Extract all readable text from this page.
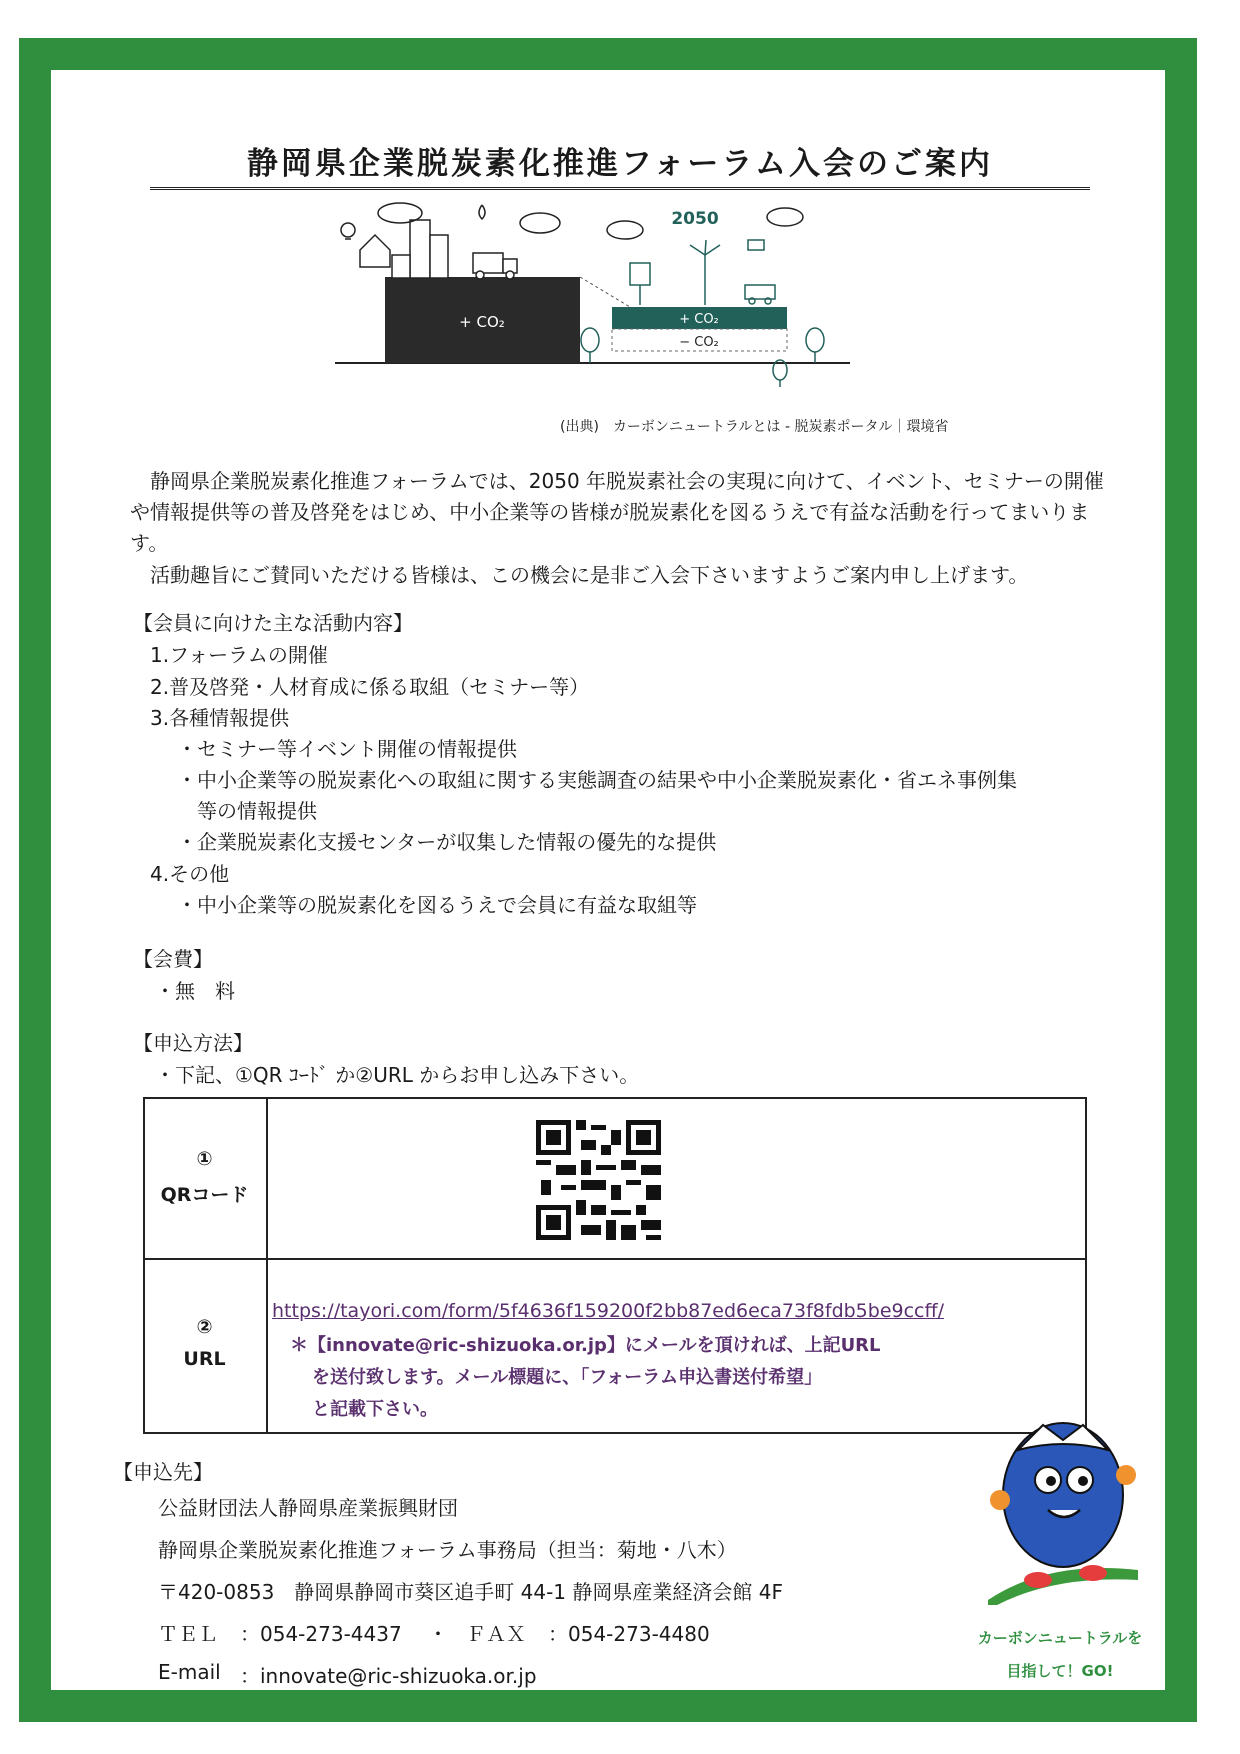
静岡県企業脱炭素化推進フォーラム入会のご案内
+ CO₂
2050
+ CO₂
− CO₂
(出典)　カーボンニュートラルとは - 脱炭素ポータル｜環境省
静岡県企業脱炭素化推進フォーラムでは、2050 年脱炭素社会の実現に向けて、イベント、セミナーの開催や情報提供等の普及啓発をはじめ、中小企業等の皆様が脱炭素化を図るうえで有益な活動を行ってまいります。
活動趣旨にご賛同いただける皆様は、この機会に是非ご入会下さいますようご案内申し上げます。
【会員に向けた主な活動内容】
1.フォーラムの開催
2.普及啓発・人材育成に係る取組（セミナー等）
3.各種情報提供
・セミナー等イベント開催の情報提供
・中小企業等の脱炭素化への取組に関する実態調査の結果や中小企業脱炭素化・省エネ事例集
等の情報提供
・企業脱炭素化支援センターが収集した情報の優先的な提供
4.その他
・中小企業等の脱炭素化を図るうえで会員に有益な取組等
【会費】
・無　料
【申込方法】
・下記、①QR ｺｰﾄﾞ か②URL からお申し込み下さい。
①
QRコード
②
URL
https://tayori.com/form/5f4636f159200f2bb87ed6eca73f8fdb5be9ccff/
＊【innovate@ric-shizuoka.or.jp】にメールを頂ければ、上記URL
を送付致します。メール標題に、「フォーラム申込書送付希望」
と記載下さい。
【申込先】
公益財団法人静岡県産業振興財団
静岡県企業脱炭素化推進フォーラム事務局（担当：菊地・八木）
〒420-0853　静岡県静岡市葵区追手町 44-1 静岡県産業経済会館 4F
ＴＥＬ ：054-273-4437 ・ ＦＡＸ ：054-273-4480
E-mail ：innovate@ric-shizuoka.or.jp
カーボンニュートラルを
目指して！GO!
